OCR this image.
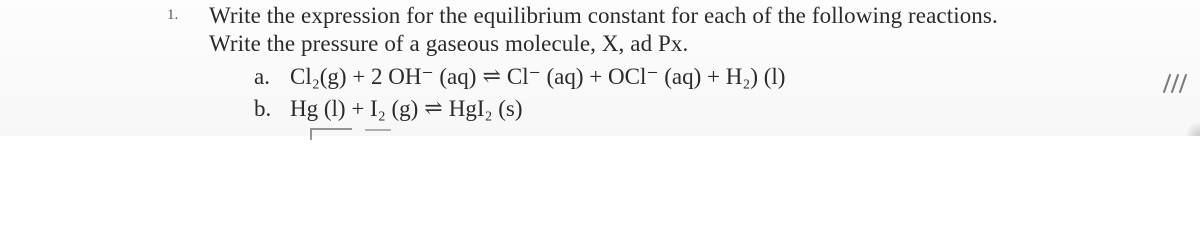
1. Write the expression for the equilibrium constant for each of the following reactions.
Write the pressure of a gaseous molecule, X, ad Px.
a. Cl₂(g) + 2 OH⁻ (aq) ⇌ Cl⁻ (aq) + OCl⁻ (aq) + H₂) (l)
b. Hg (l) + I₂ (g) ⇌ HgI₂ (s)
